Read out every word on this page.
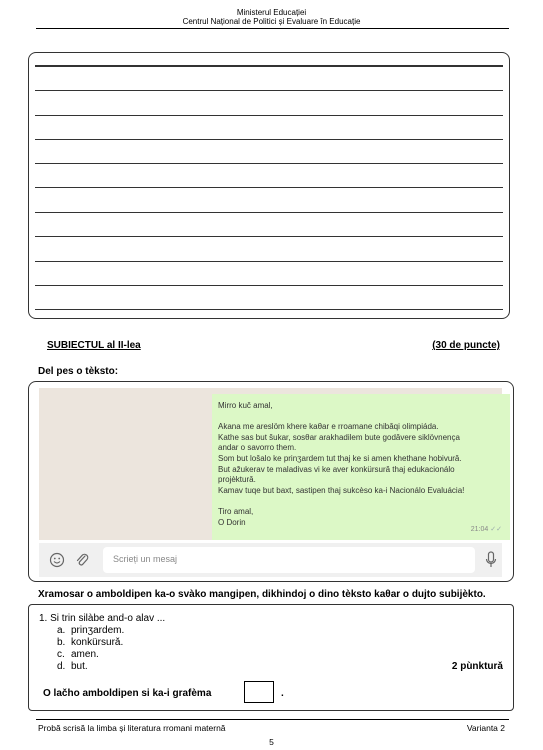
Ministerul Educației
Centrul Național de Politici și Evaluare în Educație
SUBIECTUL al II-lea	(30 de puncte)
Del pes o tèksto:

Mirro kuč amal,

Akana me areslöm khere kaθar e rroamane chibǎqi olimpiáda.

Kathe sas but šukar, sosθar arakhadilem bute godǎvere siklövnença

andar o savorro them.

Som but lošalo ke prinʒardem tut thaj ke si amen khethane hobivurǎ.

But ažukerav te maladivas vi ke aver konkürsurǎ thaj edukacionálo

projèkturǎ.

Kamav tuqe but baxt, sastipen thaj sukcèso ka-i Nacionálo Evaluácia!

Tiro amal,

O Dorin

21:04 ✓✓
Scrieți un mesaj
Xramosar o amboldipen ka-o svàko mangipen, dikhindoj o dino tèksto kaθar o dujto subijèkto.
1. Si trin silàbe and-o alav ...
a. prinʒardem.
b. konkürsurǎ.
c. amen.
d. but.	2 pùnkturǎ
O lačho amboldipen si ka-i grafèma	.
Probă scrisă la limba și literatura rromani maternă	Varianta 2
5
